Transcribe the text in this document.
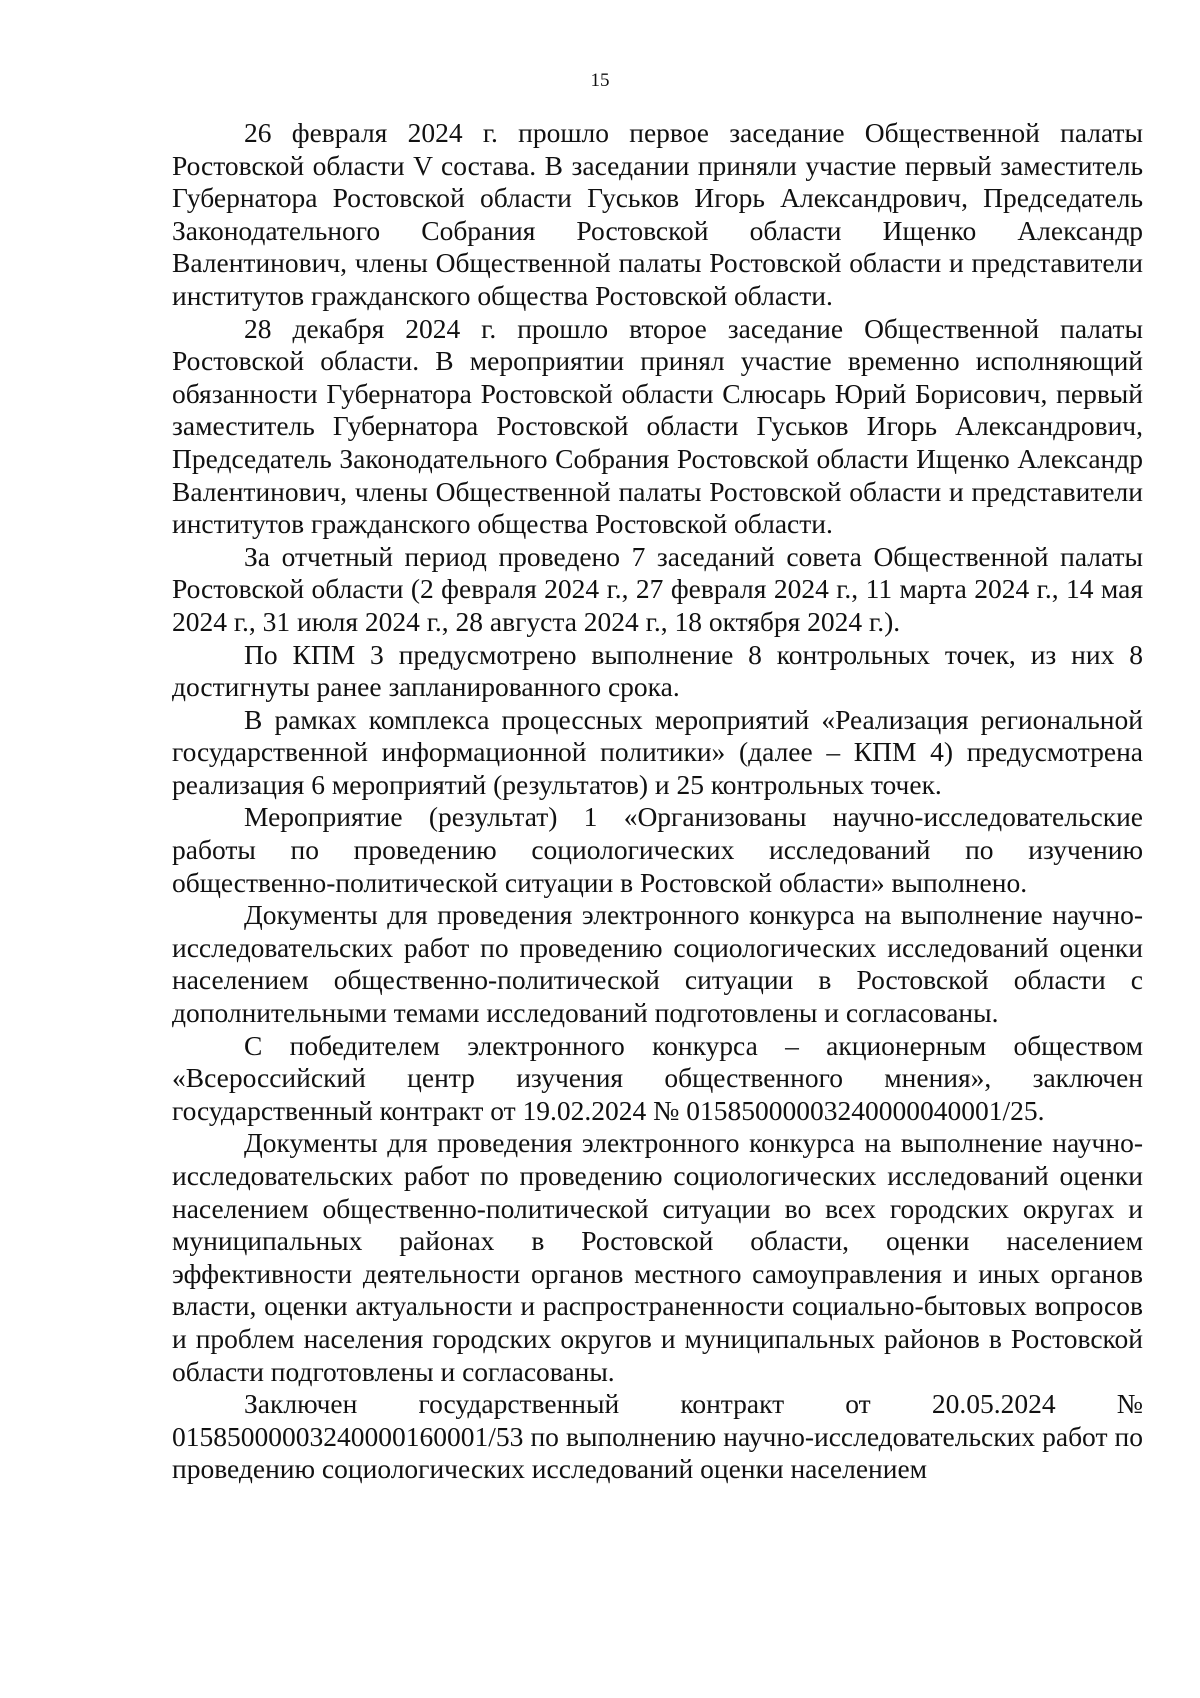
15

26 февраля 2024 г. прошло первое заседание Общественной палаты Ростовской области V состава. В заседании приняли участие первый заместитель Губернатора Ростовской области Гуськов Игорь Александрович, Председатель Законодательного Собрания Ростовской области Ищенко Александр Валентинович, члены Общественной палаты Ростовской области и представители институтов гражданского общества Ростовской области.

28 декабря 2024 г. прошло второе заседание Общественной палаты Ростовской области. В мероприятии принял участие временно исполняющий обязанности Губернатора Ростовской области Слюсарь Юрий Борисович, первый заместитель Губернатора Ростовской области Гуськов Игорь Александрович, Председатель Законодательного Собрания Ростовской области Ищенко Александр Валентинович, члены Общественной палаты Ростовской области и представители институтов гражданского общества Ростовской области.

За отчетный период проведено 7 заседаний совета Общественной палаты Ростовской области (2 февраля 2024 г., 27 февраля 2024 г., 11 марта 2024 г., 14 мая 2024 г., 31 июля 2024 г., 28 августа 2024 г., 18 октября 2024 г.).

По КПМ 3 предусмотрено выполнение 8 контрольных точек, из них 8 достигнуты ранее запланированного срока.

В рамках комплекса процессных мероприятий «Реализация региональной государственной информационной политики» (далее – КПМ 4) предусмотрена реализация 6 мероприятий (результатов) и 25 контрольных точек.

Мероприятие (результат) 1 «Организованы научно-исследовательские работы по проведению социологических исследований по изучению общественно-политической ситуации в Ростовской области» выполнено.

Документы для проведения электронного конкурса на выполнение научно-исследовательских работ по проведению социологических исследований оценки населением общественно-политической ситуации в Ростовской области с дополнительными темами исследований подготовлены и согласованы.

С победителем электронного конкурса – акционерным обществом «Всероссийский центр изучения общественного мнения», заключен государственный контракт от 19.02.2024 № 01585000003240000040001/25.

Документы для проведения электронного конкурса на выполнение научно-исследовательских работ по проведению социологических исследований оценки населением общественно-политической ситуации во всех городских округах и муниципальных районах в Ростовской области, оценки населением эффективности деятельности органов местного самоуправления и иных органов власти, оценки актуальности и распространенности социально-бытовых вопросов и проблем населения городских округов и муниципальных районов в Ростовской области подготовлены и согласованы.

Заключен государственный контракт от 20.05.2024 № 01585000003240000160001/53 по выполнению научно-исследовательских работ по проведению социологических исследований оценки населением
